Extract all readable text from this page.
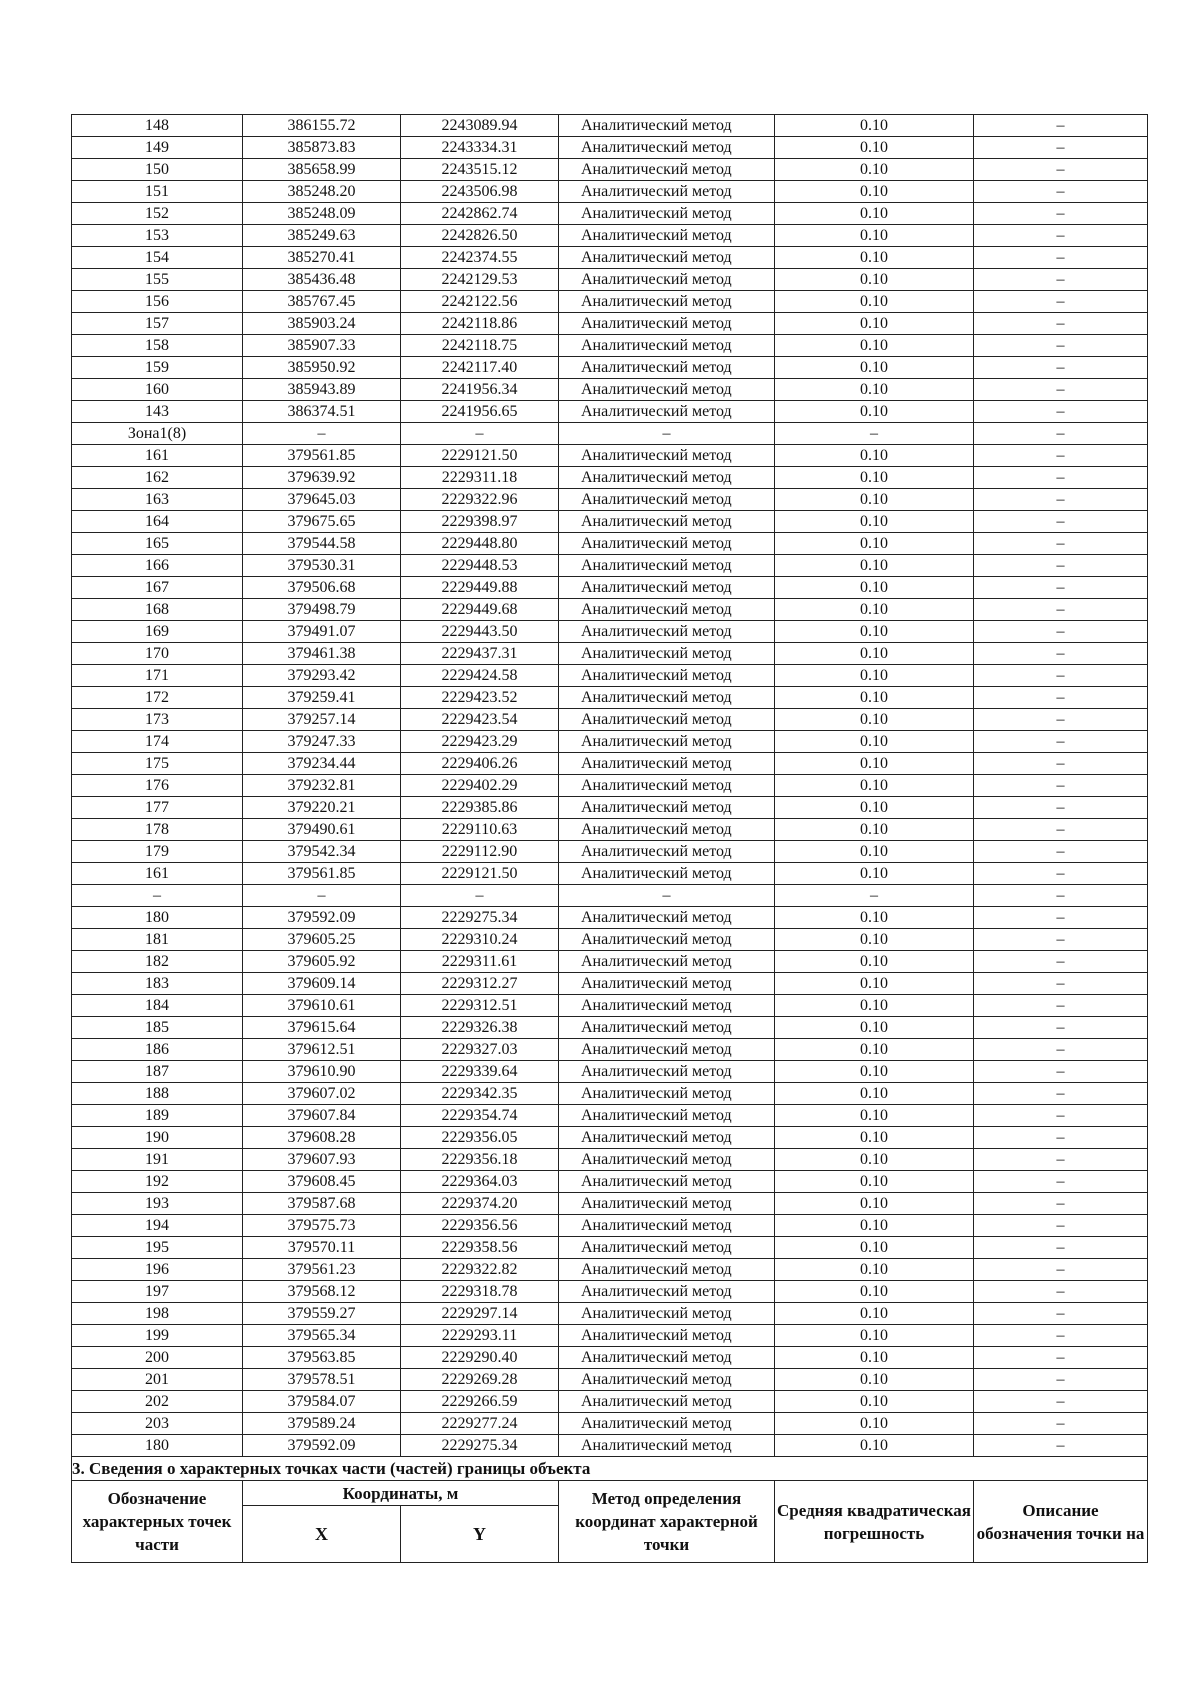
148	386155.72	2243089.94	Аналитический метод	0.10	–
149	385873.83	2243334.31	Аналитический метод	0.10	–
150	385658.99	2243515.12	Аналитический метод	0.10	–
151	385248.20	2243506.98	Аналитический метод	0.10	–
152	385248.09	2242862.74	Аналитический метод	0.10	–
153	385249.63	2242826.50	Аналитический метод	0.10	–
154	385270.41	2242374.55	Аналитический метод	0.10	–
155	385436.48	2242129.53	Аналитический метод	0.10	–
156	385767.45	2242122.56	Аналитический метод	0.10	–
157	385903.24	2242118.86	Аналитический метод	0.10	–
158	385907.33	2242118.75	Аналитический метод	0.10	–
159	385950.92	2242117.40	Аналитический метод	0.10	–
160	385943.89	2241956.34	Аналитический метод	0.10	–
143	386374.51	2241956.65	Аналитический метод	0.10	–
Зона1(8)	–	–	–	–	–
161	379561.85	2229121.50	Аналитический метод	0.10	–
162	379639.92	2229311.18	Аналитический метод	0.10	–
163	379645.03	2229322.96	Аналитический метод	0.10	–
164	379675.65	2229398.97	Аналитический метод	0.10	–
165	379544.58	2229448.80	Аналитический метод	0.10	–
166	379530.31	2229448.53	Аналитический метод	0.10	–
167	379506.68	2229449.88	Аналитический метод	0.10	–
168	379498.79	2229449.68	Аналитический метод	0.10	–
169	379491.07	2229443.50	Аналитический метод	0.10	–
170	379461.38	2229437.31	Аналитический метод	0.10	–
171	379293.42	2229424.58	Аналитический метод	0.10	–
172	379259.41	2229423.52	Аналитический метод	0.10	–
173	379257.14	2229423.54	Аналитический метод	0.10	–
174	379247.33	2229423.29	Аналитический метод	0.10	–
175	379234.44	2229406.26	Аналитический метод	0.10	–
176	379232.81	2229402.29	Аналитический метод	0.10	–
177	379220.21	2229385.86	Аналитический метод	0.10	–
178	379490.61	2229110.63	Аналитический метод	0.10	–
179	379542.34	2229112.90	Аналитический метод	0.10	–
161	379561.85	2229121.50	Аналитический метод	0.10	–
–	–	–	–	–	–
180	379592.09	2229275.34	Аналитический метод	0.10	–
181	379605.25	2229310.24	Аналитический метод	0.10	–
182	379605.92	2229311.61	Аналитический метод	0.10	–
183	379609.14	2229312.27	Аналитический метод	0.10	–
184	379610.61	2229312.51	Аналитический метод	0.10	–
185	379615.64	2229326.38	Аналитический метод	0.10	–
186	379612.51	2229327.03	Аналитический метод	0.10	–
187	379610.90	2229339.64	Аналитический метод	0.10	–
188	379607.02	2229342.35	Аналитический метод	0.10	–
189	379607.84	2229354.74	Аналитический метод	0.10	–
190	379608.28	2229356.05	Аналитический метод	0.10	–
191	379607.93	2229356.18	Аналитический метод	0.10	–
192	379608.45	2229364.03	Аналитический метод	0.10	–
193	379587.68	2229374.20	Аналитический метод	0.10	–
194	379575.73	2229356.56	Аналитический метод	0.10	–
195	379570.11	2229358.56	Аналитический метод	0.10	–
196	379561.23	2229322.82	Аналитический метод	0.10	–
197	379568.12	2229318.78	Аналитический метод	0.10	–
198	379559.27	2229297.14	Аналитический метод	0.10	–
199	379565.34	2229293.11	Аналитический метод	0.10	–
200	379563.85	2229290.40	Аналитический метод	0.10	–
201	379578.51	2229269.28	Аналитический метод	0.10	–
202	379584.07	2229266.59	Аналитический метод	0.10	–
203	379589.24	2229277.24	Аналитический метод	0.10	–
180	379592.09	2229275.34	Аналитический метод	0.10	–
3. Сведения о характерных точках части (частей) границы объекта					
Обозначение характерных точек части	Координаты, м		Метод определения координат характерной точки	Средняя квадратическая погрешность	Описание обозначения точки на
	X	Y			
